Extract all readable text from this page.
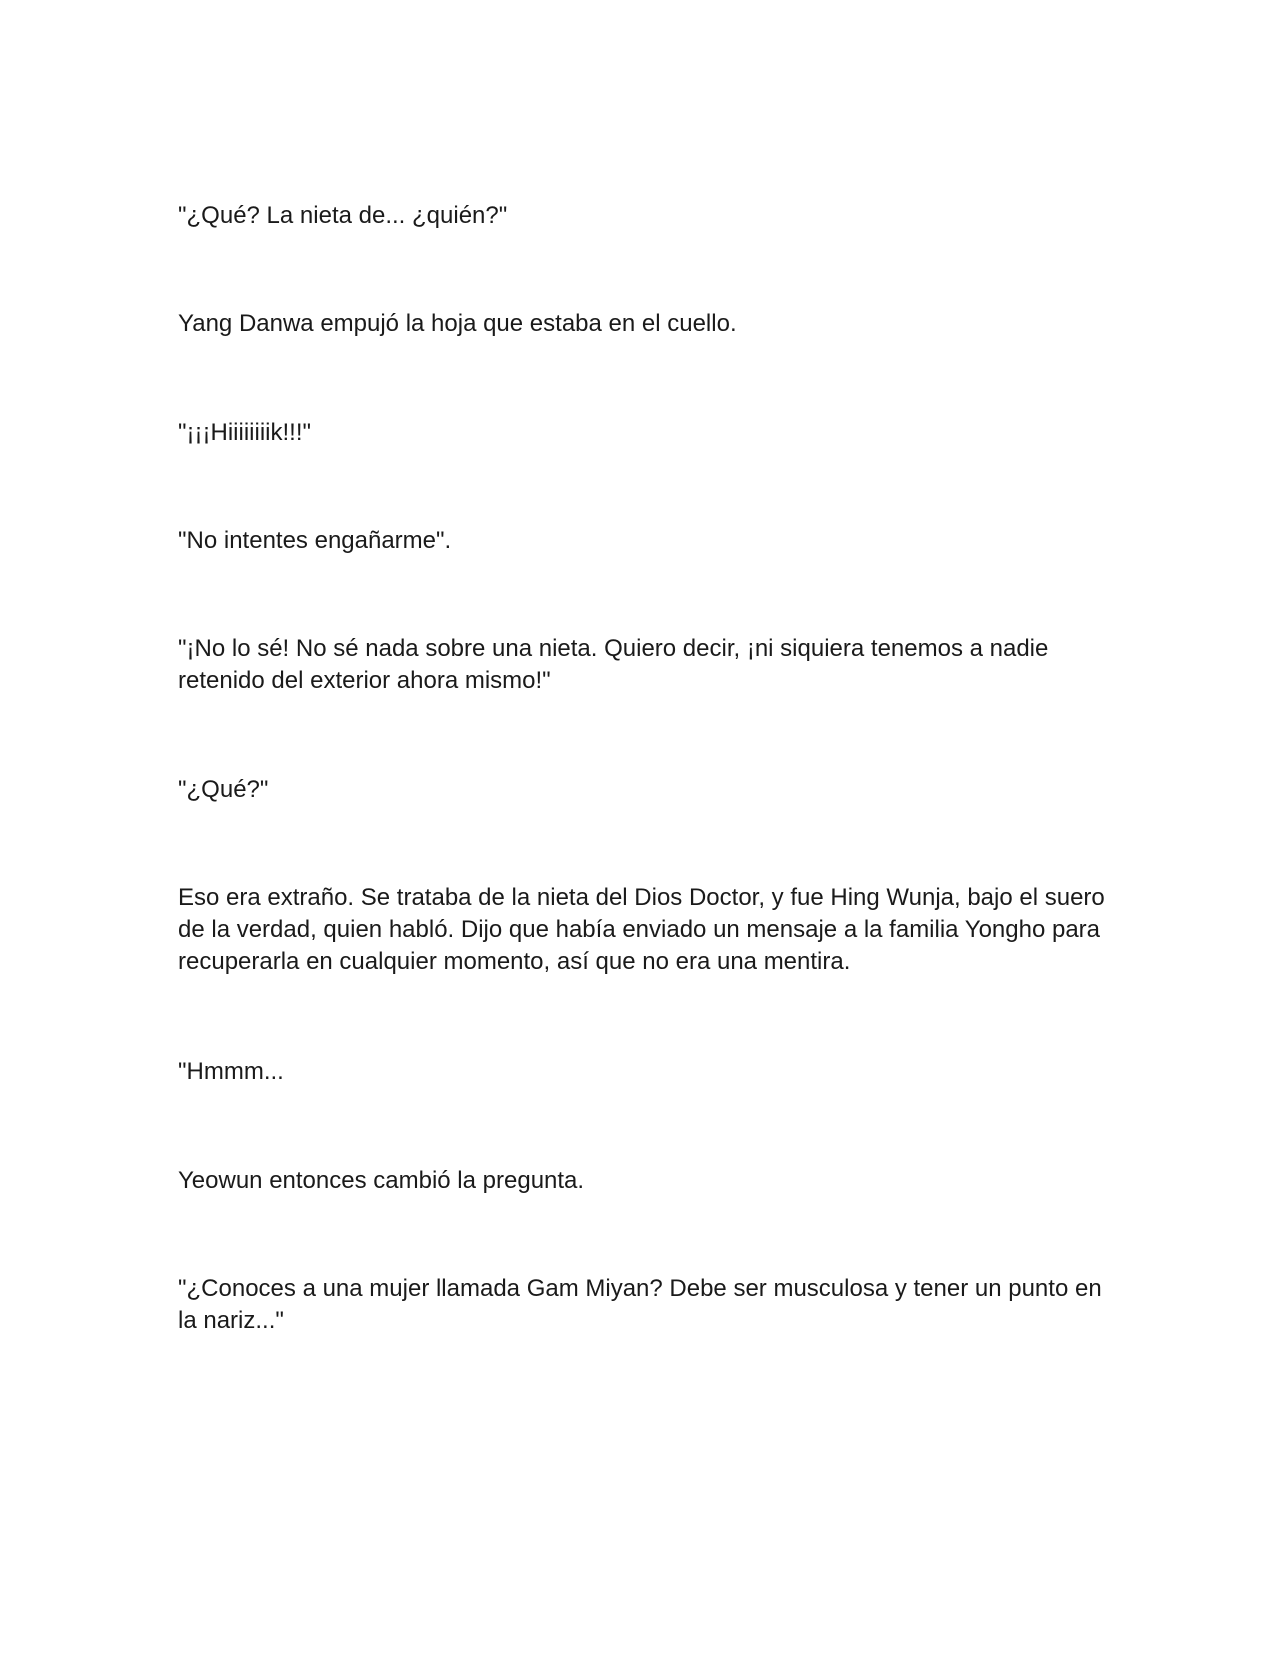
"¿Qué? La nieta de... ¿quién?"

Yang Danwa empujó la hoja que estaba en el cuello.

"¡¡¡Hiiiiiiiik!!!"

"No intentes engañarme".

"¡No lo sé! No sé nada sobre una nieta. Quiero decir, ¡ni siquiera tenemos a nadie retenido del exterior ahora mismo!"

"¿Qué?"

Eso era extraño. Se trataba de la nieta del Dios Doctor, y fue Hing Wunja, bajo el suero de la verdad, quien habló. Dijo que había enviado un mensaje a la familia Yongho para recuperarla en cualquier momento, así que no era una mentira.

"Hmmm...

Yeowun entonces cambió la pregunta.

"¿Conoces a una mujer llamada Gam Miyan? Debe ser musculosa y tener un punto en la nariz..."
